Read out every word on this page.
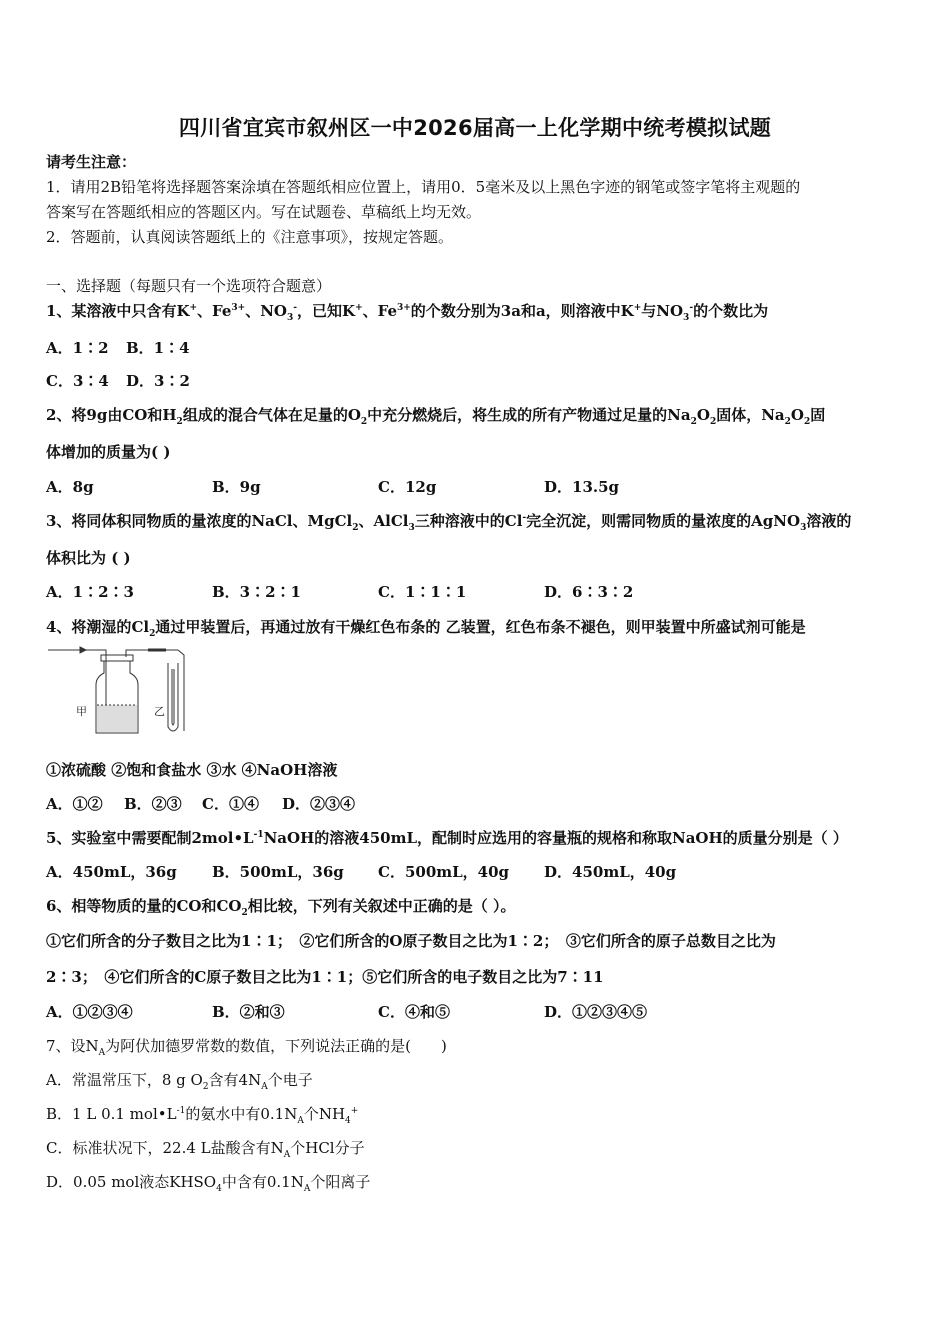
四川省宜宾市叙州区一中2026届高一上化学期中统考模拟试题
请考生注意：
1．请用2B铅笔将选择题答案涂填在答题纸相应位置上，请用0．5毫米及以上黑色字迹的钢笔或签字笔将主观题的
答案写在答题纸相应的答题区内。写在试题卷、草稿纸上均无效。
2．答题前，认真阅读答题纸上的《注意事项》，按规定答题。
一、选择题（每题只有一个选项符合题意）
1、某溶液中只含有K+、$Fe^{3+}$、$NO_3^-$，已知K+、$Fe^{3+}$的个数分别为3a和a，则溶液中K+与$NO_3^-$的个数比为
A．1∶2 B．1∶4
C．3∶4 D．3∶2
2、将9g由CO和$H_2$组成的混合气体在足量的$O_2$中充分燃烧后，将生成的所有产物通过足量的$Na_2O_2$固体，$Na_2O_2$固
体增加的质量为( )
A．8g	B．9g	C．12g	D．13.5g
3、将同体积同物质的量浓度的NaCl、MgCl$_2$、AlCl$_3$三种溶液中的Cl-完全沉淀，则需同物质的量浓度的AgNO$_3$溶液的
体积比为 ( )
A．1∶2∶3	B．3∶2∶1	C．1∶1∶1	D．6∶3∶2
4、将潮湿的$Cl_2$通过甲装置后，再通过放有干燥红色布条的 乙装置，红色布条不褪色，则甲装置中所盛试剂可能是
甲	乙
①浓硫酸 ②饱和食盐水 ③水 ④NaOH溶液
A．①② B．②③ C．①④ D．②③④
5、实验室中需要配制$2mol•L^{-1}NaOH$的溶液450mL，配制时应选用的容量瓶的规格和称取NaOH的质量分别是（ ）
A．450mL，36g B．500mL，36g C．500mL，40g D．450mL，40g
6、相等物质的量的CO和$CO_2$相比较，下列有关叙述中正确的是（ ）。
①它们所含的分子数目之比为1∶1；　②它们所含的O原子数目之比为1∶2；　③它们所含的原子总数目之比为
2∶3；　④它们所含的C原子数目之比为1∶1；⑤它们所含的电子数目之比为7∶11
A．①②③④	B．②和③	C．④和⑤	D．①②③④⑤
7、设$N_A$为阿伏加德罗常数的数值，下列说法正确的是(　　)
A．常温常压下，8 g $O_2$含有$4N_A$个电子
B．1 L 0.1 $mol•L^{-1}$的氨水中有$0.1N_A$个$NH_4^+$
C．标准状况下，22.4 L盐酸含有$N_A$个HCl分子
D．0.05 mol液态$KHSO_4$中含有$0.1N_A$个阳离子
